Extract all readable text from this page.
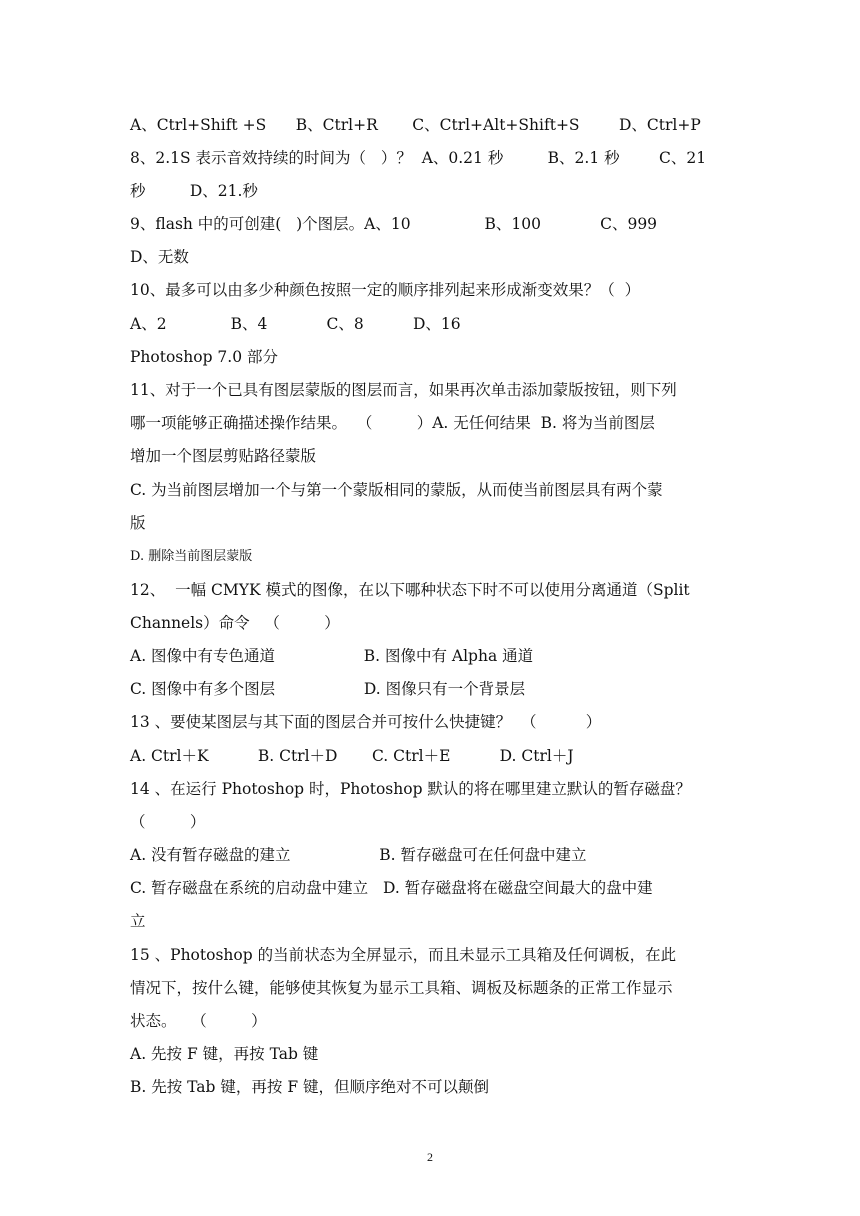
A、Ctrl+Shift +S      B、Ctrl+R       C、Ctrl+Alt+Shift+S        D、Ctrl+P
8、2.1S 表示音效持续的时间为（   ）？  A、0.21 秒         B、2.1 秒        C、21
秒         D、21.秒
9、flash 中的可创建(   )个图层。A、10               B、100            C、999
D、无数
10、最多可以由多少种颜色按照一定的顺序排列起来形成渐变效果？（  ）
A、2             B、4            C、8          D、16
Photoshop 7.0 部分
11、对于一个已具有图层蒙版的图层而言，如果再次单击添加蒙版按钮，则下列
哪一项能够正确描述操作结果。  （         ）A. 无任何结果  B. 将为当前图层
增加一个图层剪贴路径蒙版
C. 为当前图层增加一个与第一个蒙版相同的蒙版，从而使当前图层具有两个蒙
版
D. 删除当前图层蒙版
12、  一幅 CMYK 模式的图像，在以下哪种状态下时不可以使用分离通道（Split
Channels）命令   （         ）
A. 图像中有专色通道                  B. 图像中有 Alpha 通道
C. 图像中有多个图层                  D. 图像只有一个背景层
13 、要使某图层与其下面的图层合并可按什么快捷键？  （          ）
A. Ctrl＋K          B. Ctrl＋D       C. Ctrl＋E          D. Ctrl＋J
14 、在运行 Photoshop 时，Photoshop 默认的将在哪里建立默认的暂存磁盘？
（         ）
A. 没有暂存磁盘的建立                  B. 暂存磁盘可在任何盘中建立
C. 暂存磁盘在系统的启动盘中建立   D. 暂存磁盘将在磁盘空间最大的盘中建
立
15 、Photoshop 的当前状态为全屏显示，而且未显示工具箱及任何调板，在此
情况下，按什么键，能够使其恢复为显示工具箱、调板及标题条的正常工作显示
状态。   （         ）
A. 先按 F 键，再按 Tab 键
B. 先按 Tab 键，再按 F 键，但顺序绝对不可以颠倒
2
